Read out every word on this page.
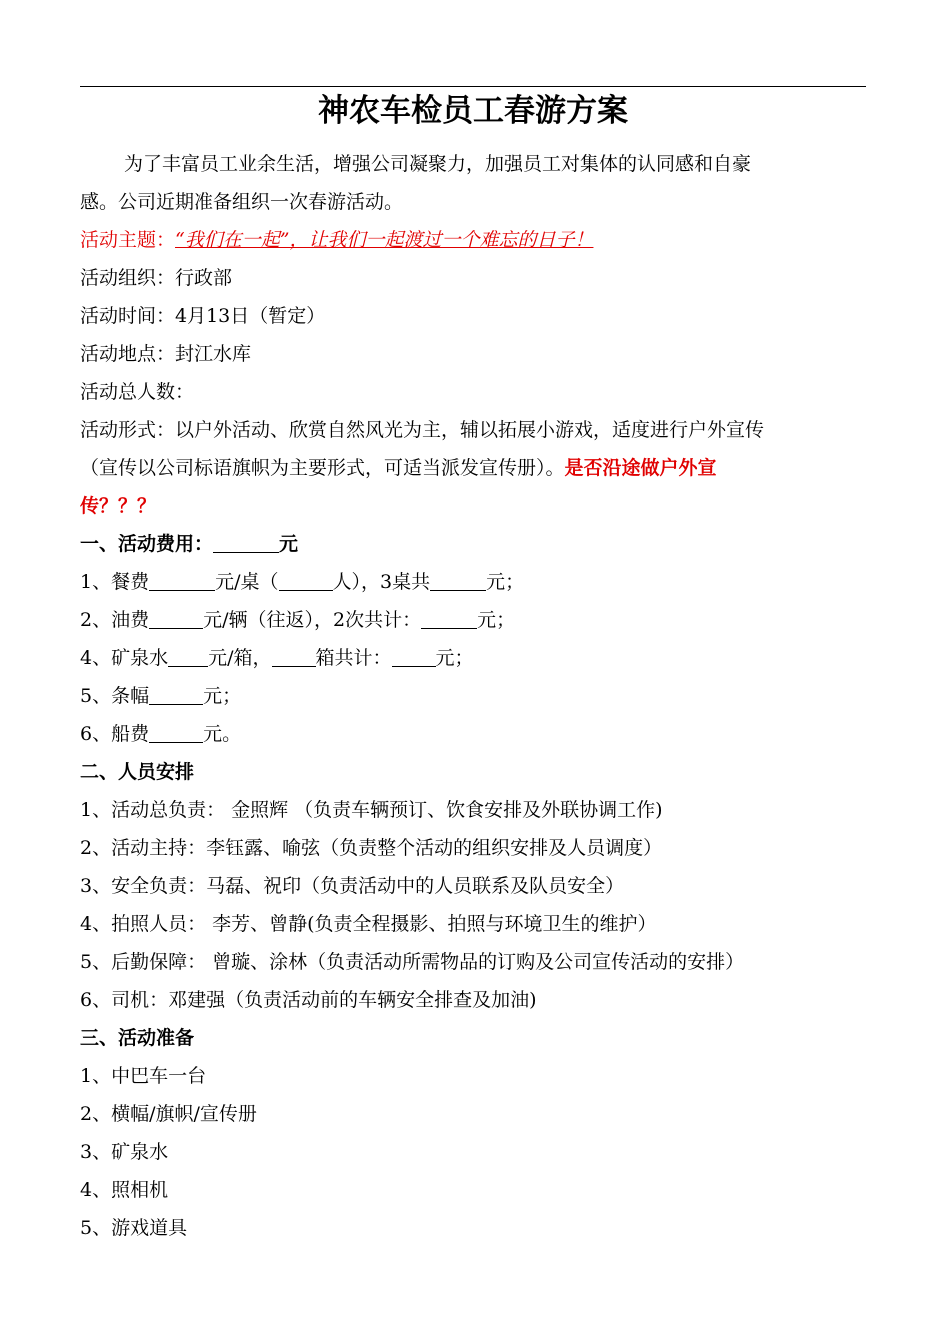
神农车检员工春游方案
为了丰富员工业余生活，增强公司凝聚力，加强员工对集体的认同感和自豪
感。公司近期准备组织一次春游活动。
活动主题：“我们在一起”，让我们一起渡过一个难忘的日子！
活动组织：行政部
活动时间：4月13日（暂定）
活动地点：封江水库
活动总人数：
活动形式：以户外活动、欣赏自然风光为主，辅以拓展小游戏，适度进行户外宣传
（宣传以公司标语旗帜为主要形式，可适当派发宣传册）。是否沿途做户外宣
传？？？
一、活动费用：	元
1、餐费	元/桌（	人），3桌共	元；
2、油费	元/辆（往返），2次共计：	元；
4、矿泉水 元/箱， 箱共计： 元；
5、条幅	元；
6、船费	元。
二、人员安排
1、活动总负责： 金照辉 （负责车辆预订、饮食安排及外联协调工作)
2、活动主持：李钰露、喻弦（负责整个活动的组织安排及人员调度）
3、安全负责：马磊、祝印（负责活动中的人员联系及队员安全）
4、拍照人员： 李芳、曾静(负责全程摄影、拍照与环境卫生的维护）
5、后勤保障： 曾璇、涂林（负责活动所需物品的订购及公司宣传活动的安排）
6、司机：邓建强（负责活动前的车辆安全排查及加油)
三、活动准备
1、中巴车一台
2、横幅/旗帜/宣传册
3、矿泉水
4、照相机
5、游戏道具
